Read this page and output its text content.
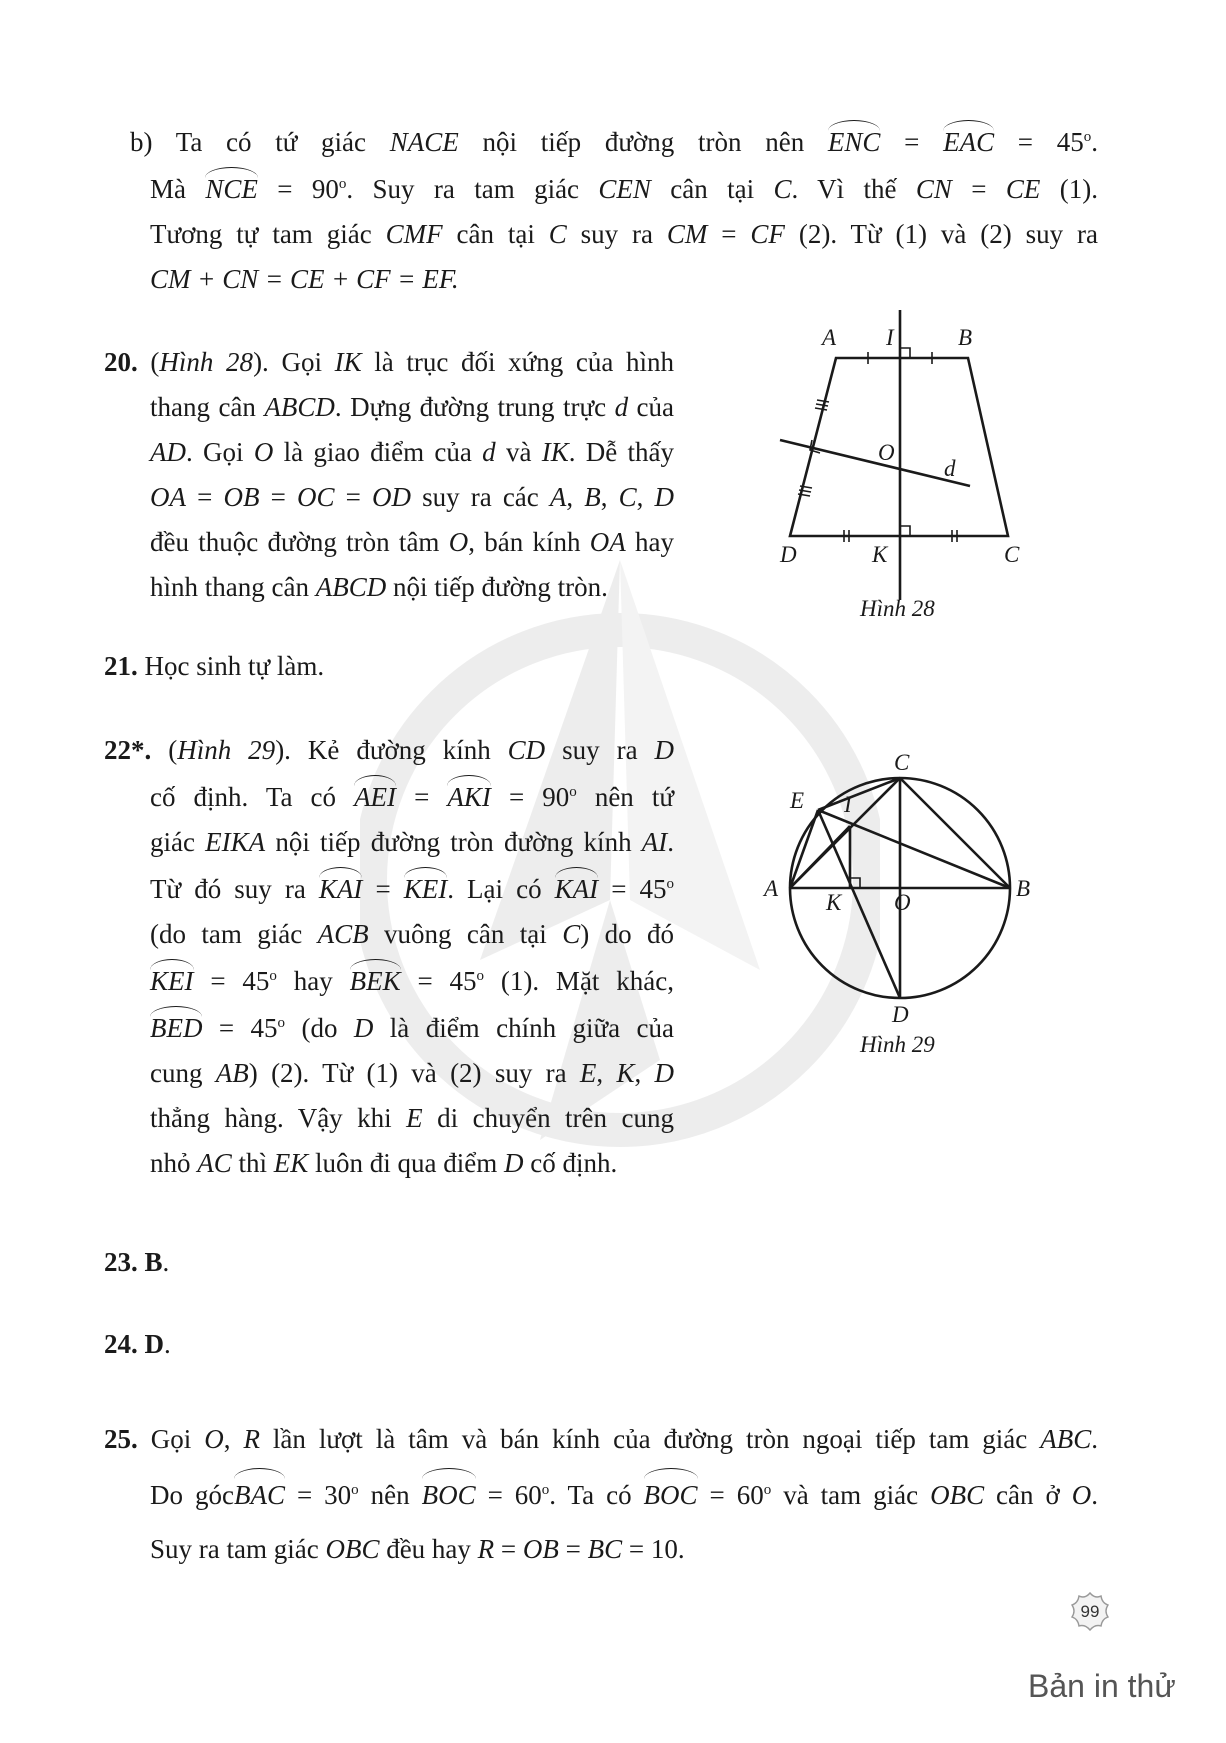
b) Ta có tứ giác NACE nội tiếp đường tròn nên ENC = EAC = $45^o$.
Mà NCE = $90^o$. Suy ra tam giác CEN cân tại C. Vì thế CN = CE (1).
Tương tự tam giác CMF cân tại C suy ra CM = CF (2). Từ (1) và (2) suy ra
CM + CN = CE + CF = EF.
20. (Hình 28). Gọi IK là trục đối xứng của hình
thang cân ABCD. Dựng đường trung trực d của
AD. Gọi O là giao điểm của d và IK. Dễ thấy
OA = OB = OC = OD suy ra các A, B, C, D
đều thuộc đường tròn tâm O, bán kính OA hay
hình thang cân ABCD nội tiếp đường tròn.
A I	B
O
d
D	K	C
Hình 28
21. Học sinh tự làm.
22*. (Hình 29). Kẻ đường kính CD suy ra D
cố định. Ta có AEI = AKI = $90^o$ nên tứ
giác EIKA nội tiếp đường tròn đường kính AI.
Từ đó suy ra KAI = KEI. Lại có KAI = $45^o$
(do tam giác ACB vuông cân tại C) do đó
KEI = $45^o$ hay BEK = $45^o$ (1). Mặt khác,
BED = $45^o$ (do D là điểm chính giữa của
cung AB) (2). Từ (1) và (2) suy ra E, K, D
thẳng hàng. Vậy khi E di chuyển trên cung
nhỏ AC thì EK luôn đi qua điểm D cố định.
C
E I
A
K O
B
D
Hình 29
23. B.
24. D.
25. Gọi O, R lần lượt là tâm và bán kính của đường tròn ngoại tiếp tam giác ABC.
Do gócBAC = $30^o$ nên BOC = $60^o$. Ta có BOC = $60^o$ và tam giác OBC cân ở O.
Suy ra tam giác OBC đều hay R = OB = BC = 10.
99
Bản in thử
